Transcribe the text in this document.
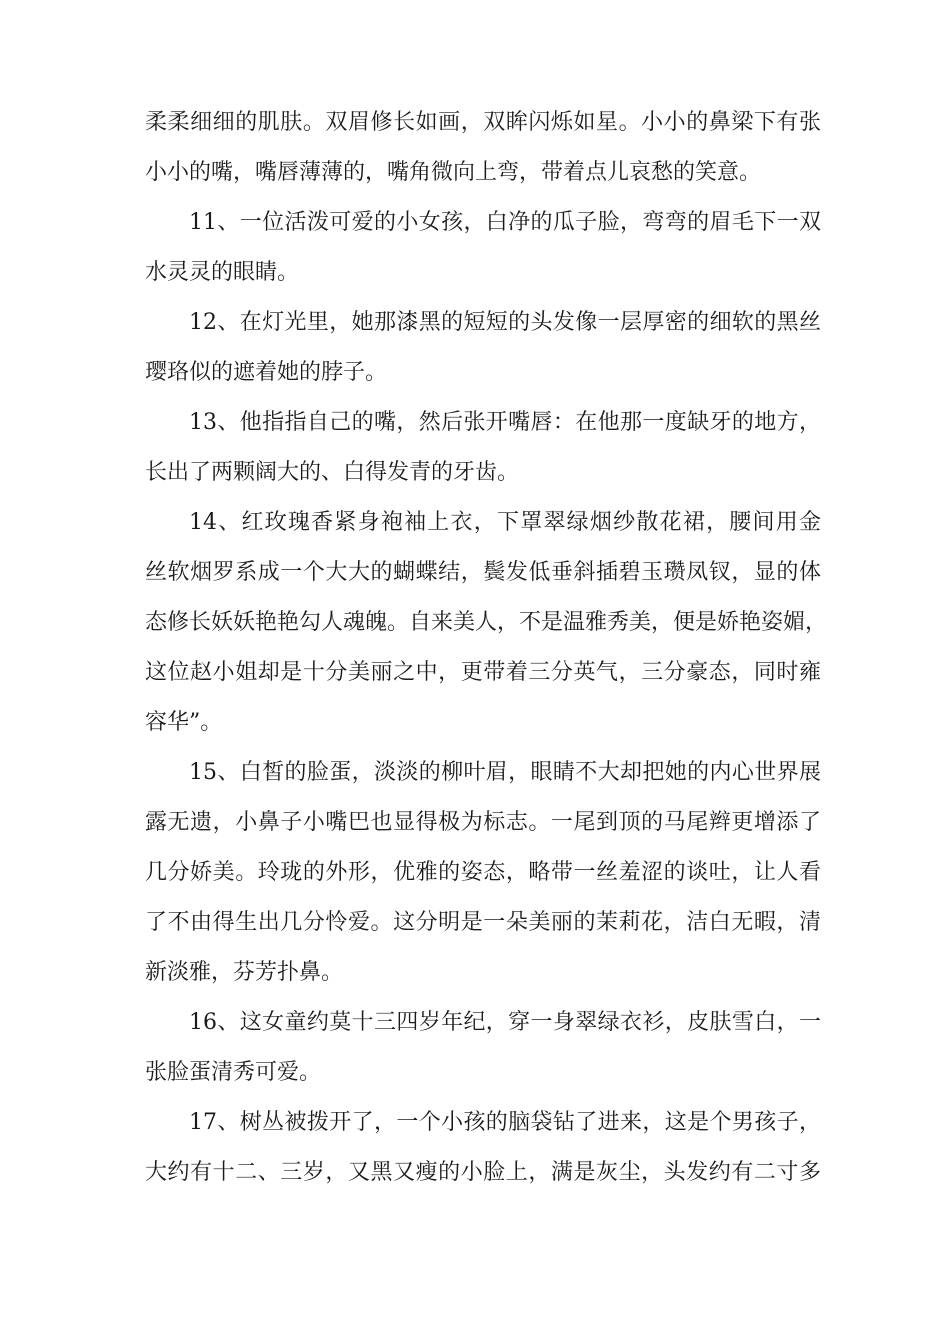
柔柔细细的肌肤。双眉修长如画，双眸闪烁如星。小小的鼻梁下有张
小小的嘴，嘴唇薄薄的，嘴角微向上弯，带着点儿哀愁的笑意。

11、一位活泼可爱的小女孩，白净的瓜子脸，弯弯的眉毛下一双
水灵灵的眼睛。

12、在灯光里，她那漆黑的短短的头发像一层厚密的细软的黑丝
璎珞似的遮着她的脖子。

13、他指指自己的嘴，然后张开嘴唇：在他那一度缺牙的地方，
长出了两颗阔大的、白得发青的牙齿。

14、红玫瑰香紧身袍袖上衣，下罩翠绿烟纱散花裙，腰间用金
丝软烟罗系成一个大大的蝴蝶结，鬓发低垂斜插碧玉瓒凤钗，显的体
态修长妖妖艳艳勾人魂魄。自来美人，不是温雅秀美，便是娇艳姿媚，
这位赵小姐却是十分美丽之中，更带着三分英气，三分豪态，同时雍
容华”。

15、白皙的脸蛋，淡淡的柳叶眉，眼睛不大却把她的内心世界展
露无遗，小鼻子小嘴巴也显得极为标志。一尾到顶的马尾辫更增添了
几分娇美。玲珑的外形，优雅的姿态，略带一丝羞涩的谈吐，让人看
了不由得生出几分怜爱。这分明是一朵美丽的茉莉花，洁白无暇，清
新淡雅，芬芳扑鼻。

16、这女童约莫十三四岁年纪，穿一身翠绿衣衫，皮肤雪白，一
张脸蛋清秀可爱。

17、树丛被拨开了，一个小孩的脑袋钻了进来，这是个男孩子，
大约有十二、三岁，又黑又瘦的小脸上，满是灰尘，头发约有二寸多
